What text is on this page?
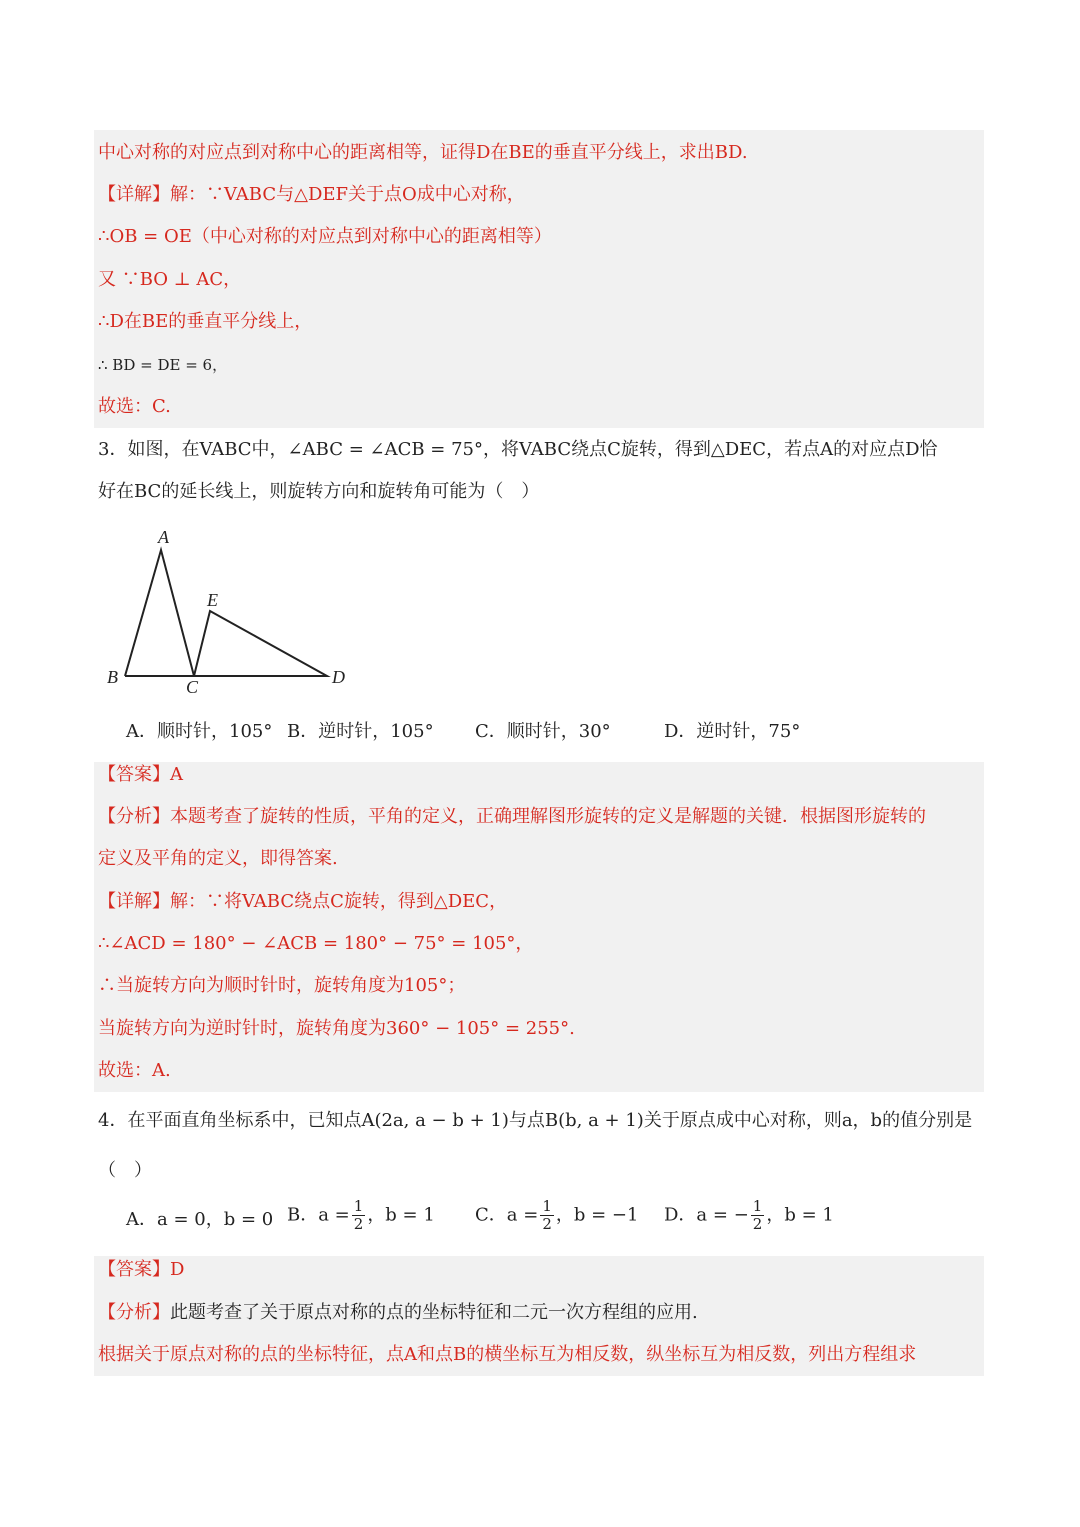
中心对称的对应点到对称中心的距离相等，证得D在BE的垂直平分线上，求出BD.
【详解】解：∵VABC与△DEF关于点O成中心对称，
∴OB = OE（中心对称的对应点到对称中心的距离相等）
又 ∵BO ⊥ AC，
∴D在BE的垂直平分线上，
∴ BD = DE = 6，
故选：C.
3．如图，在VABC中，∠ABC = ∠ACB = 75°，将VABC绕点C旋转，得到△DEC，若点A的对应点D恰
好在BC的延长线上，则旋转方向和旋转角可能为（　）
A
E
B	C	D
A．顺时针，105° B．逆时针，105° C．顺时针，30°	D．逆时针，75°
【答案】A
【分析】本题考查了旋转的性质，平角的定义，正确理解图形旋转的定义是解题的关键．根据图形旋转的
定义及平角的定义，即得答案.
【详解】解：∵将VABC绕点C旋转，得到△DEC，
∴∠ACD = 180° − ∠ACB = 180° − 75° = 105°，
∴当旋转方向为顺时针时，旋转角度为105°；
当旋转方向为逆时针时，旋转角度为360° − 105° = 255°.
故选：A.
4．在平面直角坐标系中，已知点A(2a, a − b + 1)与点B(b, a + 1)关于原点成中心对称，则a，b的值分别是
（　）
A．a = 0，b = 0 B．$a = \frac{1}{2}$ ，b = 1 C．$a = \frac{1}{2}$ ，b = −1 D．a = − $\frac{1}{2}$ ，b = 1
【答案】D
【分析】此题考查了关于原点对称的点的坐标特征和二元一次方程组的应用.
根据关于原点对称的点的坐标特征，点A和点B的横坐标互为相反数，纵坐标互为相反数，列出方程组求
